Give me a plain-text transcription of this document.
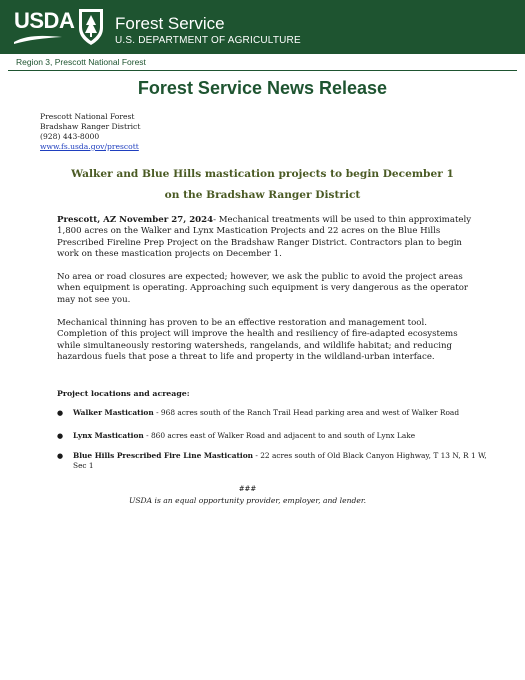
USDA Forest Service
U.S. DEPARTMENT OF AGRICULTURE
Region 3, Prescott National Forest
Forest Service News Release
Prescott National Forest
Bradshaw Ranger District
(928) 443-8000
www.fs.usda.gov/prescott
Walker and Blue Hills mastication projects to begin December 1
on the Bradshaw Ranger District
Prescott, AZ November 27, 2024- Mechanical treatments will be used to thin approximately 1,800 acres on the Walker and Lynx Mastication Projects and 22 acres on the Blue Hills Prescribed Fireline Prep Project on the Bradshaw Ranger District. Contractors plan to begin work on these mastication projects on December 1.
No area or road closures are expected; however, we ask the public to avoid the project areas when equipment is operating. Approaching such equipment is very dangerous as the operator may not see you.
Mechanical thinning has proven to be an effective restoration and management tool. Completion of this project will improve the health and resiliency of fire-adapted ecosystems while simultaneously restoring watersheds, rangelands, and wildlife habitat; and reducing hazardous fuels that pose a threat to life and property in the wildland-urban interface.
Project locations and acreage:
● Walker Mastication - 968 acres south of the Ranch Trail Head parking area and west of Walker Road
● Lynx Mastication - 860 acres east of Walker Road and adjacent to and south of Lynx Lake
● Blue Hills Prescribed Fire Line Mastication - 22 acres south of Old Black Canyon Highway, T 13 N, R 1 W, Sec 1
###
USDA is an equal opportunity provider, employer, and lender.
